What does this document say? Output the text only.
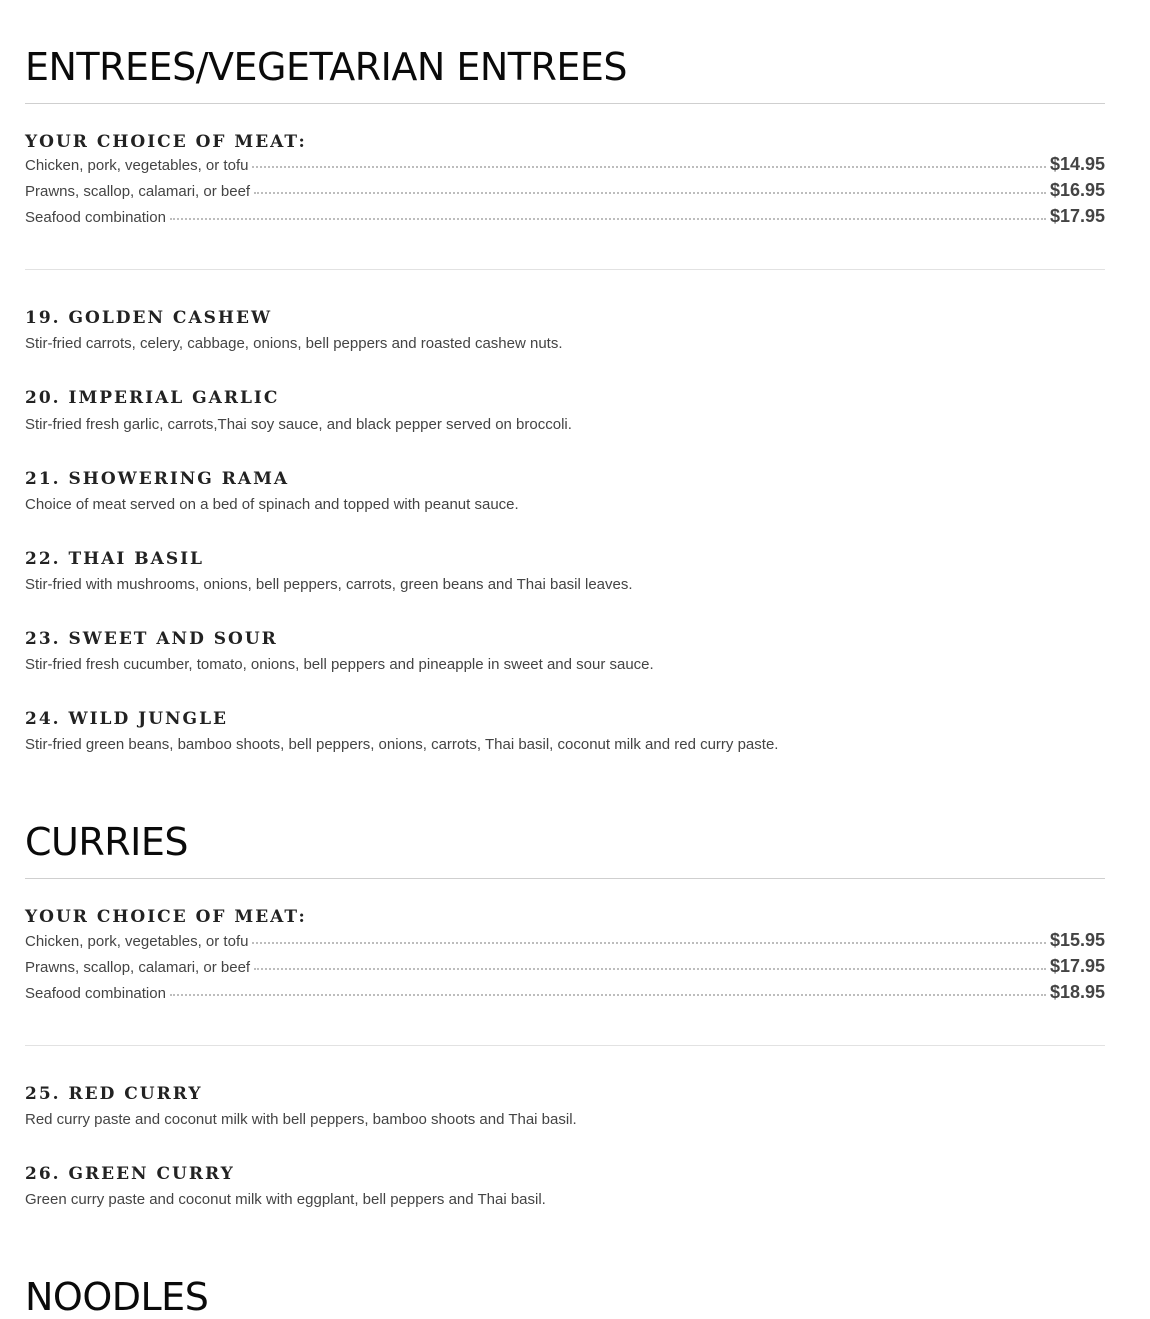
ENTREES/VEGETARIAN ENTREES
YOUR CHOICE OF MEAT:
Chicken, pork, vegetables, or tofu	$14.95
Prawns, scallop, calamari, or beef	$16.95
Seafood combination	$17.95
19. GOLDEN CASHEW

Stir-fried carrots, celery, cabbage, onions, bell peppers and roasted cashew nuts.

20. IMPERIAL GARLIC

Stir-fried fresh garlic, carrots,Thai soy sauce, and black pepper served on broccoli.

21. SHOWERING RAMA

Choice of meat served on a bed of spinach and topped with peanut sauce.

22. THAI BASIL

Stir-fried with mushrooms, onions, bell peppers, carrots, green beans and Thai basil leaves.

23. SWEET AND SOUR

Stir-fried fresh cucumber, tomato, onions, bell peppers and pineapple in sweet and sour sauce.

24. WILD JUNGLE

Stir-fried green beans, bamboo shoots, bell peppers, onions, carrots, Thai basil, coconut milk and red curry paste.

CURRIES
YOUR CHOICE OF MEAT:
Chicken, pork, vegetables, or tofu	$15.95
Prawns, scallop, calamari, or beef	$17.95
Seafood combination	$18.95
25. RED CURRY

Red curry paste and coconut milk with bell peppers, bamboo shoots and Thai basil.

26. GREEN CURRY

Green curry paste and coconut milk with eggplant, bell peppers and Thai basil.

NOODLES
